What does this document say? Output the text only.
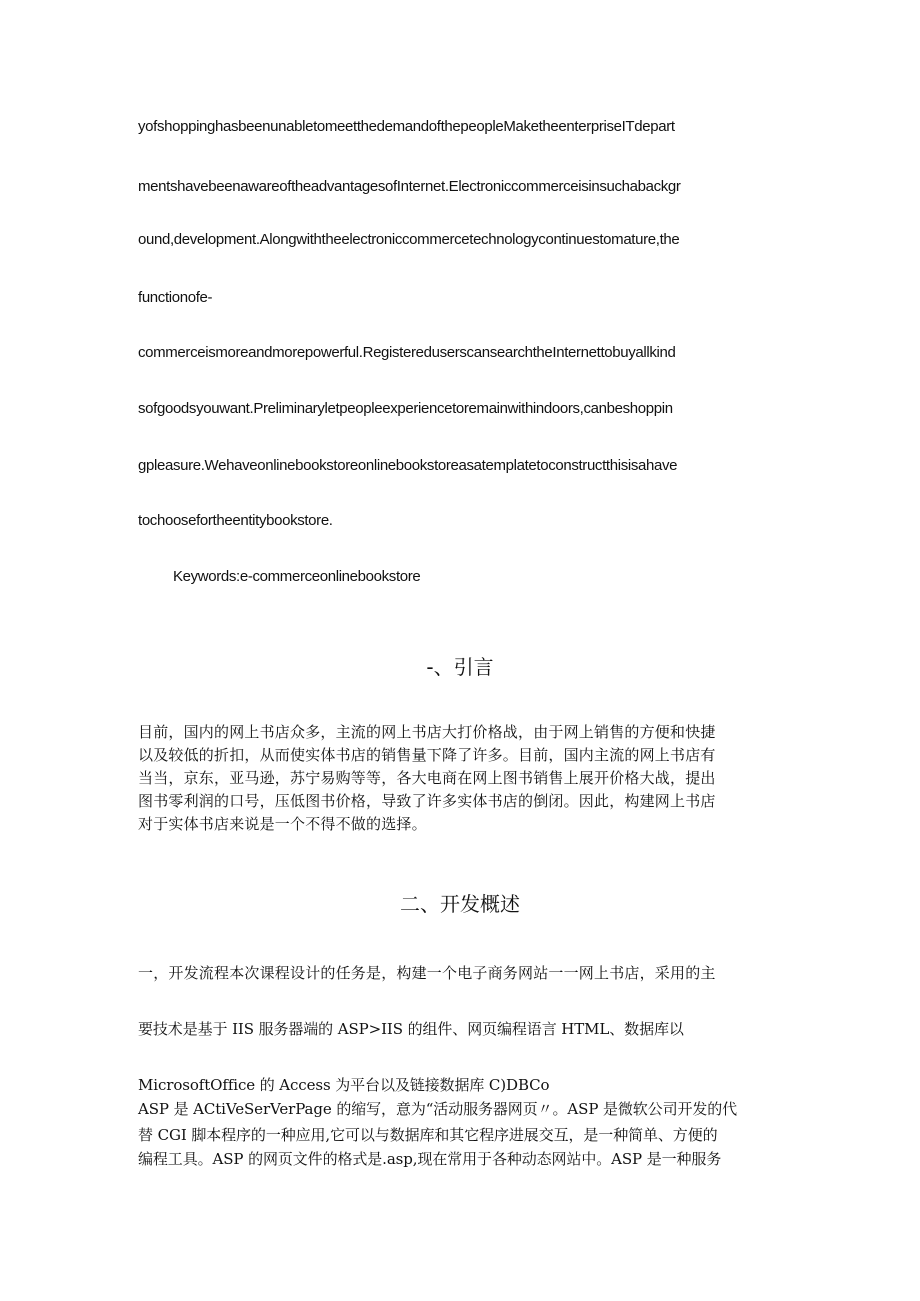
yofshoppinghasbeenunabletomeetthedemandofthepeopleMaketheenterpriseITdepart
mentshavebeenawareoftheadvantagesofInternet.Electroniccommerceisinsuchabackgr
ound,development.Alongwiththeelectroniccommercetechnologycontinuestomature,the
functionofe-
commerceismoreandmorepowerful.RegistereduserscansearchtheInternettobuyallkind
sofgoodsyouwant.Preliminaryletpeopleexperiencetoremainwithindoors,canbeshoppin
gpleasure.Wehaveonlinebookstoreonlinebookstoreasatemplatetoconstructthisisahave
tochoosefortheentitybookstore.
Keywords:e-commerceonlinebookstore
-、引言
目前，国内的网上书店众多，主流的网上书店大打价格战，由于网上销售的方便和快捷
以及较低的折扣，从而使实体书店的销售量下降了许多。目前，国内主流的网上书店有
当当，京东，亚马逊，苏宁易购等等，各大电商在网上图书销售上展开价格大战，提出
图书零利润的口号，压低图书价格，导致了许多实体书店的倒闭。因此，构建网上书店
对于实体书店来说是一个不得不做的选择。
二、开发概述
一，开发流程本次课程设计的任务是，构建一个电子商务网站一一网上书店，采用的主
要技术是基于 IIS 服务器端的 ASP>IIS 的组件、网页编程语言 HTML、数据库以
MicrosoftOffice 的 Access 为平台以及链接数据库 C)DBCo
ASP 是 ACtiVeSerVerPage 的缩写，意为“活动服务器网页〃。ASP 是微软公司开发的代
替 CGI 脚本程序的一种应用,它可以与数据库和其它程序进展交互，是一种简单、方便的
编程工具。ASP 的网页文件的格式是.asp,现在常用于各种动态网站中。ASP 是一种服务
